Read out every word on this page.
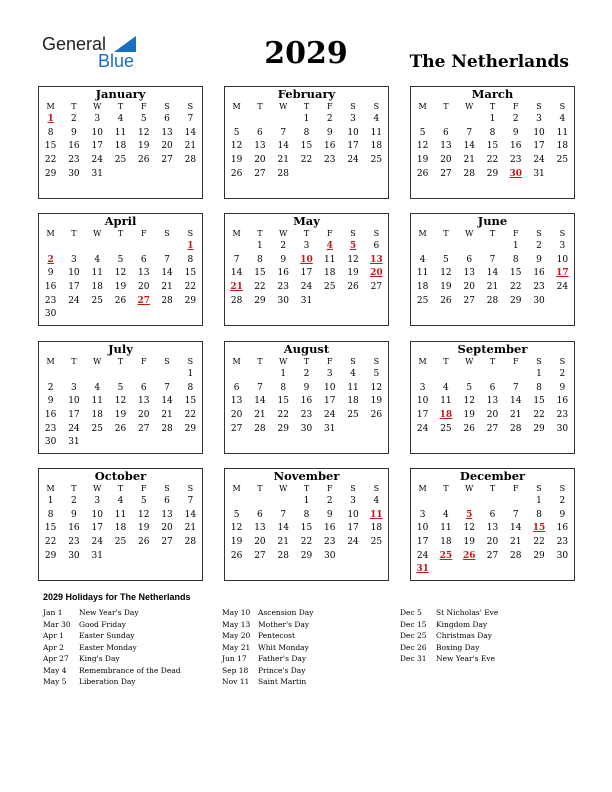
General
Blue	2029	The Netherlands
January
M	T	W	T	F	S	S
1	2	3	4	5	6	7
8	9	10	11	12	13	14
15	16	17	18	19	20	21
22	23	24	25	26	27	28
29	30	31				
February
M	T	W	T	F	S	S
			1	2	3	4
5	6	7	8	9	10	11
12	13	14	15	16	17	18
19	20	21	22	23	24	25
26	27	28				
March
M	T	W	T	F	S	S
			1	2	3	4
5	6	7	8	9	10	11
12	13	14	15	16	17	18
19	20	21	22	23	24	25
26	27	28	29	30	31	
April
M	T	W	T	F	S	S
						1
2	3	4	5	6	7	8
9	10	11	12	13	14	15
16	17	18	19	20	21	22
23	24	25	26	27	28	29
30						
May
M	T	W	T	F	S	S
	1	2	3	4	5	6
7	8	9	10	11	12	13
14	15	16	17	18	19	20
21	22	23	24	25	26	27
28	29	30	31			
June
M	T	W	T	F	S	S
				1	2	3
4	5	6	7	8	9	10
11	12	13	14	15	16	17
18	19	20	21	22	23	24
25	26	27	28	29	30	
July
M	T	W	T	F	S	S
						1
2	3	4	5	6	7	8
9	10	11	12	13	14	15
16	17	18	19	20	21	22
23	24	25	26	27	28	29
30	31					
August
M	T	W	T	F	S	S
		1	2	3	4	5
6	7	8	9	10	11	12
13	14	15	16	17	18	19
20	21	22	23	24	25	26
27	28	29	30	31		
September
M	T	W	T	F	S	S
					1	2
3	4	5	6	7	8	9
10	11	12	13	14	15	16
17	18	19	20	21	22	23
24	25	26	27	28	29	30
October
M	T	W	T	F	S	S
1	2	3	4	5	6	7
8	9	10	11	12	13	14
15	16	17	18	19	20	21
22	23	24	25	26	27	28
29	30	31				
November
M	T	W	T	F	S	S
			1	2	3	4
5	6	7	8	9	10	11
12	13	14	15	16	17	18
19	20	21	22	23	24	25
26	27	28	29	30		
December
M	T	W	T	F	S	S
					1	2
3	4	5	6	7	8	9
10	11	12	13	14	15	16
17	18	19	20	21	22	23
24	25	26	27	28	29	30
31						
2029 Holidays for The Netherlands
Jan 1 New Year's Day
Mar 30 Good Friday
Apr 1 Easter Sunday
Apr 2 Easter Monday
Apr 27 King's Day
May 4 Remembrance of the Dead
May 5 Liberation Day
May 10 Ascension Day
May 13 Mother's Day
May 20 Pentecost
May 21 Whit Monday
Jun 17 Father's Day
Sep 18 Prince's Day
Nov 11 Saint Martin
Dec 5 St Nicholas' Eve
Dec 15 Kingdom Day
Dec 25 Christmas Day
Dec 26 Boxing Day
Dec 31 New Year's Eve
